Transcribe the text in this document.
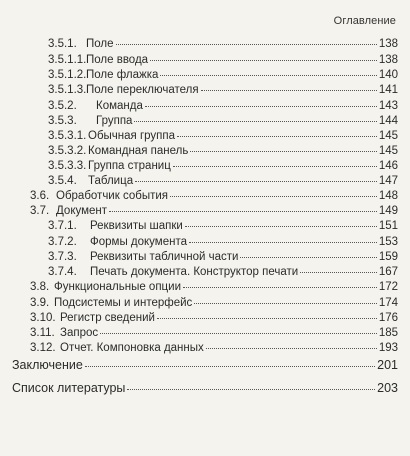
Оглавление
3.5.1. Поле	138
3.5.1.1. Поле ввода	138
3.5.1.2. Поле флажка	140
3.5.1.3. Поле переключателя	141
3.5.2.	Команда	143
3.5.3.	Группа	144
3.5.3.1. Обычная группа	145
3.5.3.2. Командная панель	145
3.5.3.3. Группа страниц	146
3.5.4. Таблица	147
3.6. Обработчик события	148
3.7. Документ	149
3.7.1.	Реквизиты шапки	151
3.7.2.	Формы документа	153
3.7.3.	Реквизиты табличной части	159
3.7.4.	Печать документа. Конструктор печати	167
3.8. Функциональные опции	172
3.9. Подсистемы и интерфейс	174
3.10. Регистр сведений	176
3.11. Запрос	185
3.12. Отчет. Компоновка данных	193
Заключение	201
Список литературы	203
